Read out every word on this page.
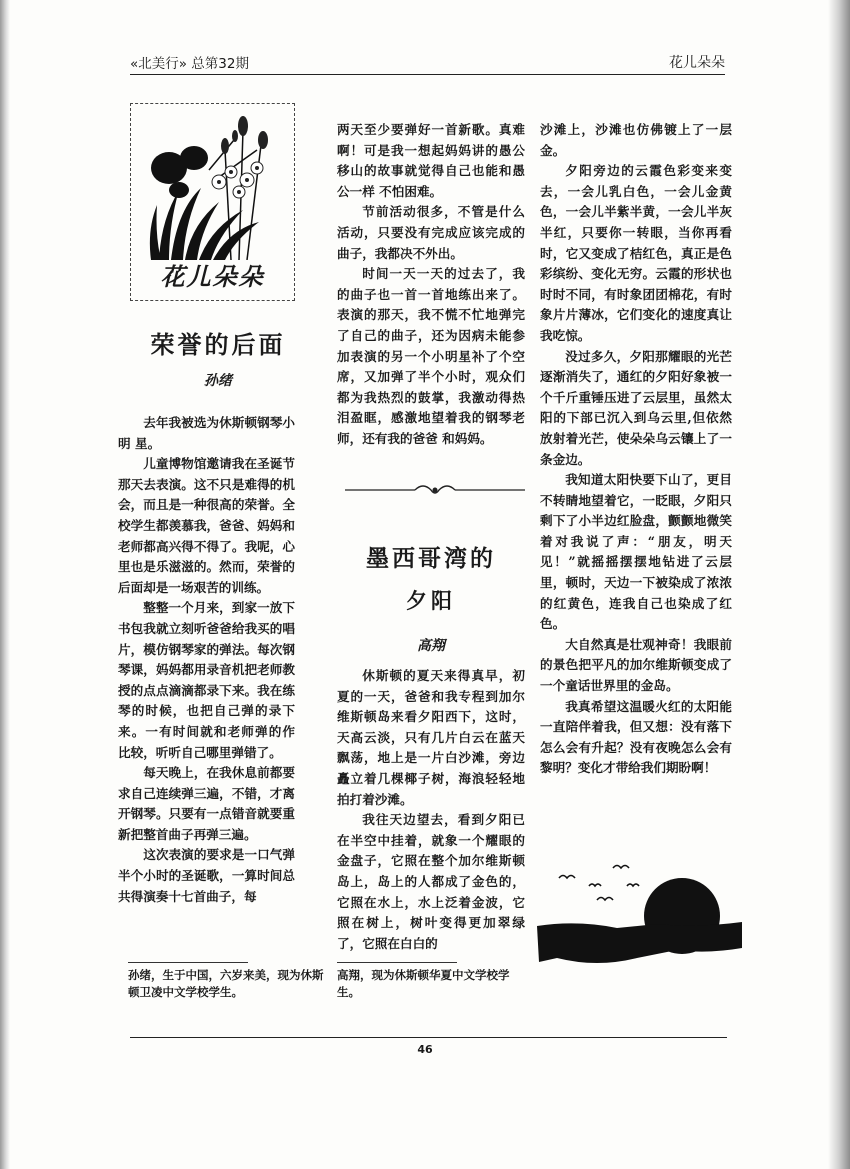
«北美行» 总第32期	花儿朵朵
花儿朵朵
荣誉的后面
孙绪

去年我被选为休斯顿钢琴小明 星。

儿童博物馆邀请我在圣诞节那天去表演。这不只是难得的机会，而且是一种很高的荣誉。全校学生都羡慕我，爸爸、妈妈和老师都高兴得不得了。我呢，心里也是乐滋滋的。然而，荣誉的后面却是一场艰苦的训练。

整整一个月来，到家一放下书包我就立刻听爸爸给我买的唱片，模仿钢琴家的弹法。每次钢琴课，妈妈都用录音机把老师教授的点点滴滴都录下来。我在练琴的时候，也把自己弹的录下来。一有时间就和老师弹的作 比较，听听自己哪里弹错了。

每天晚上，在我休息前都要求自己连续弹三遍，不错，才离开钢琴。只要有一点错音就要重新把整首曲子再弹三遍。

这次表演的要求是一口气弹半个小时的圣诞歌，一算时间总共得演奏十七首曲子，每

两天至少要弹好一首新歌。真难啊！可是我一想起妈妈讲的愚公移山的故事就觉得自己也能和愚公一样 不怕困难。

节前活动很多，不管是什么活动，只要没有完成应该完成的曲子，我都决不外出。

时间一天一天的过去了，我的曲子也一首一首地练出来了。表演的那天，我不慌不忙地弹完了自己的曲子，还为因病未能参加表演的另一个小明星补了个空席，又加弹了半个小时，观众们都为我热烈的鼓掌，我激动得热泪盈眶，感激地望着我的钢琴老师，还有我的爸爸 和妈妈。

墨西哥湾的
夕阳
高翔

休斯顿的夏天来得真早，初夏的一天，爸爸和我专程到加尔维斯顿岛来看夕阳西下，这时，天高云淡，只有几片白云在蓝天飘荡，地上是一片白沙滩，旁边矗立着几棵椰子树，海浪轻轻地 拍打着沙滩。

我往天边望去，看到夕阳已在半空中挂着，就象一个耀眼的金盘子，它照在整个加尔维斯顿岛上，岛上的人都成了金色的，它照在水上，水上泛着金波，它照在树上，树叶变得更加翠绿了，它照在白白的

沙滩上，沙滩也仿佛镀上了一层金。

夕阳旁边的云霞色彩变来变去，一会儿乳白色，一会儿金黄色，一会儿半紫半黄，一会儿半灰半红，只要你一转眼，当你再看时，它又变成了桔红色，真正是色彩缤纷、变化无穷。云霞的形状也时时不同，有时象团团棉花，有时象片片薄冰，它们变化的速度真让我吃惊。

没过多久，夕阳那耀眼的光芒逐渐消失了，通红的夕阳好象被一个千斤重锤压进了云层里，虽然太阳的下部已沉入到乌云里,但依然放射着光芒，使朵朵乌云镶上了一条金边。

我知道太阳快要下山了，更目不转睛地望着它，一眨眼，夕阳只剩下了小半边红脸盘，颤颤地微笑着对我说了声：“朋友，明天见！”就摇摇摆摆地钻进了云层里，顿时，天边一下被染成了浓浓的红黄色，连我自己也染成了红色。

大自然真是壮观神奇！我眼前的景色把平凡的加尔维斯顿变成了一个童话世界里的金岛。

我真希望这温暖火红的太阳能一直陪伴着我，但又想：没有落下怎么会有升起？没有夜晚怎么会有黎明？变化才带给我们期盼啊！

孙绪，生于中国，六岁来美，现为休斯顿卫凌中文学校学生。
高翔，现为休斯顿华夏中文学校学生。
46
